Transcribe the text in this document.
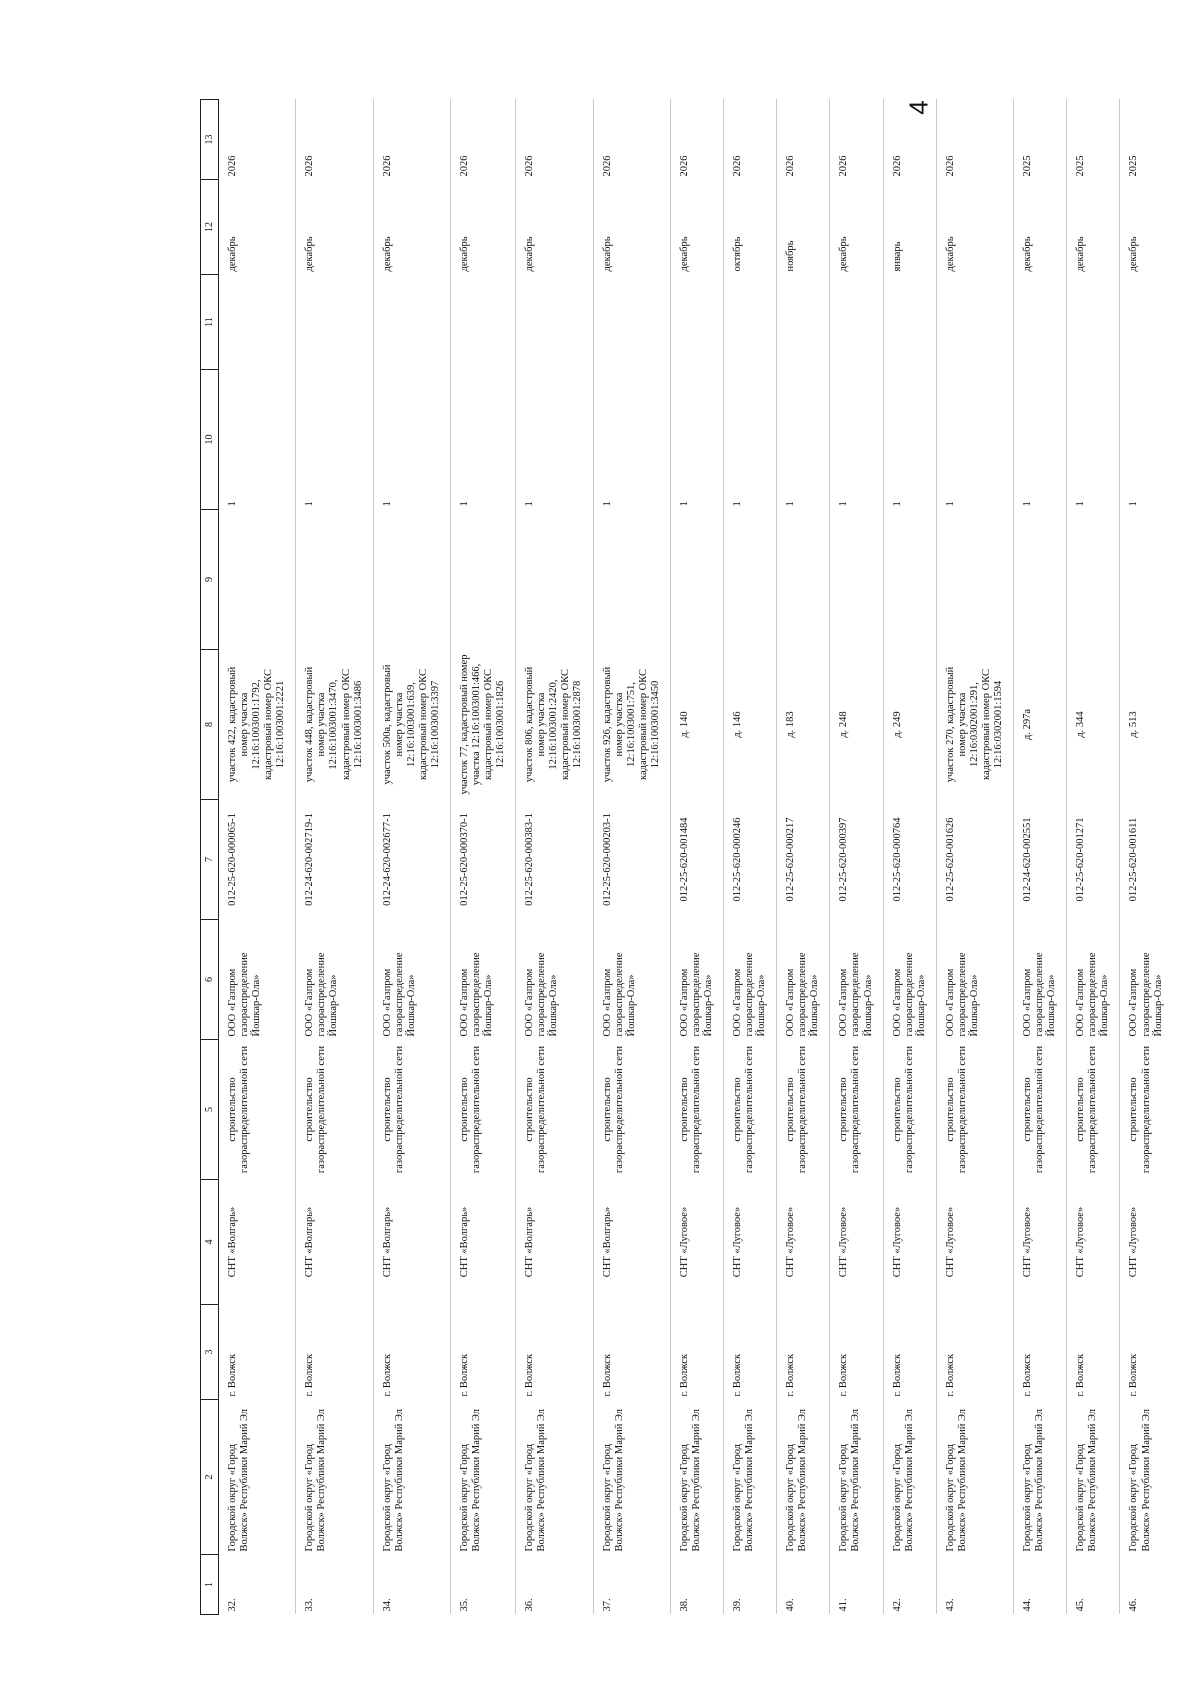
4
1	2	3	4	5	6	7	8	9	10	11	12	13
32.	Городской округ «Город Волжск» Республики Марий Эл	г. Волжск	СНТ «Волгарь»	строительство газораспределительной сети	ООО «Газпром газораспределение Йошкар-Ола»	012-25-620-000065-1	участок 422, кадастровый номер участка 12:16:1003001:1792, кадастровый номер ОКС 12:16:1003001:2221		1		декабрь	2026
33.	Городской округ «Город Волжск» Республики Марий Эл	г. Волжск	СНТ «Волгарь»	строительство газораспределительной сети	ООО «Газпром газораспределение Йошкар-Ола»	012-24-620-002719-1	участок 448, кадастровый номер участка 12:16:1003001:3470, кадастровый номер ОКС 12:16:1003001:3486		1		декабрь	2026
34.	Городской округ «Город Волжск» Республики Марий Эл	г. Волжск	СНТ «Волгарь»	строительство газораспределительной сети	ООО «Газпром газораспределение Йошкар-Ола»	012-24-620-002677-1	участок 500а, кадастровый номер участка 12:16:1003001:639, кадастровый номер ОКС 12:16:1003001:3397		1		декабрь	2026
35.	Городской округ «Город Волжск» Республики Марий Эл	г. Волжск	СНТ «Волгарь»	строительство газораспределительной сети	ООО «Газпром газораспределение Йошкар-Ола»	012-25-620-000370-1	участок 77, кадастровый номер участка 12:16:1003001:466, кадастровый номер ОКС 12:16:1003001:1826		1		декабрь	2026
36.	Городской округ «Город Волжск» Республики Марий Эл	г. Волжск	СНТ «Волгарь»	строительство газораспределительной сети	ООО «Газпром газораспределение Йошкар-Ола»	012-25-620-000383-1	участок 806, кадастровый номер участка 12:16:1003001:2420, кадастровый номер ОКС 12:16:1003001:2878		1		декабрь	2026
37.	Городской округ «Город Волжск» Республики Марий Эл	г. Волжск	СНТ «Волгарь»	строительство газораспределительной сети	ООО «Газпром газораспределение Йошкар-Ола»	012-25-620-000203-1	участок 926, кадастровый номер участка 12:16:1003001:751, кадастровый номер ОКС 12:16:1003001:3450		1		декабрь	2026
38.	Городской округ «Город Волжск» Республики Марий Эл	г. Волжск	СНТ «Луговое»	строительство газораспределительной сети	ООО «Газпром газораспределение Йошкар-Ола»	012-25-620-001484	д. 140		1		декабрь	2026
39.	Городской округ «Город Волжск» Республики Марий Эл	г. Волжск	СНТ «Луговое»	строительство газораспределительной сети	ООО «Газпром газораспределение Йошкар-Ола»	012-25-620-000246	д. 146		1		октябрь	2026
40.	Городской округ «Город Волжск» Республики Марий Эл	г. Волжск	СНТ «Луговое»	строительство газораспределительной сети	ООО «Газпром газораспределение Йошкар-Ола»	012-25-620-000217	д. 183		1		ноябрь	2026
41.	Городской округ «Город Волжск» Республики Марий Эл	г. Волжск	СНТ «Луговое»	строительство газораспределительной сети	ООО «Газпром газораспределение Йошкар-Ола»	012-25-620-000397	д. 248		1		декабрь	2026
42.	Городской округ «Город Волжск» Республики Марий Эл	г. Волжск	СНТ «Луговое»	строительство газораспределительной сети	ООО «Газпром газораспределение Йошкар-Ола»	012-25-620-000764	д. 249		1		январь	2026
43.	Городской округ «Город Волжск» Республики Марий Эл	г. Волжск	СНТ «Луговое»	строительство газораспределительной сети	ООО «Газпром газораспределение Йошкар-Ола»	012-25-620-001626	участок 270, кадастровый номер участка 12:16:0302001:291, кадастровый номер ОКС 12:16:0302001:1594		1		декабрь	2026
44.	Городской округ «Город Волжск» Республики Марий Эл	г. Волжск	СНТ «Луговое»	строительство газораспределительной сети	ООО «Газпром газораспределение Йошкар-Ола»	012-24-620-002551	д. 297а		1		декабрь	2025
45.	Городской округ «Город Волжск» Республики Марий Эл	г. Волжск	СНТ «Луговое»	строительство газораспределительной сети	ООО «Газпром газораспределение Йошкар-Ола»	012-25-620-001271	д. 344		1		декабрь	2025
46.	Городской округ «Город Волжск» Республики Марий Эл	г. Волжск	СНТ «Луговое»	строительство газораспределительной сети	ООО «Газпром газораспределение Йошкар-Ола»	012-25-620-001611	д. 513		1		декабрь	2025
